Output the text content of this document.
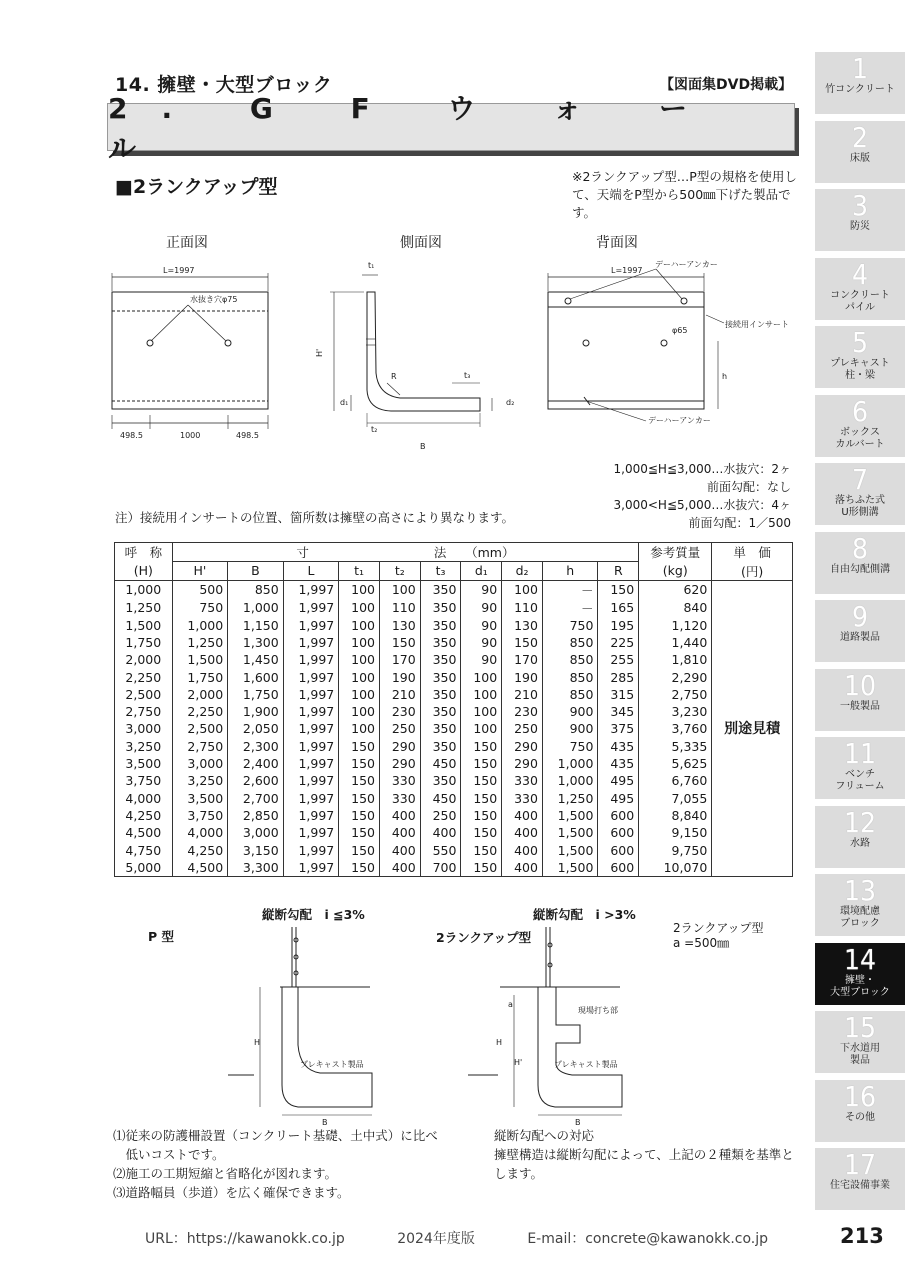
14. 擁壁・大型ブロック	【図面集DVD掲載】
2. G F ウ ォ ー ル
■2ランクアップ型	※2ランクアップ型…P型の規格を使用して、天端をP型から500㎜下げた製品です。
正面図	側面図	背面図
L=1997
水抜き穴φ75
498.5	1000	498.5
t₁
H'
R	t₃
d₁	d₂
t₂
B
L=1997
デーハーアンカー
φ65
接続用インサート
h
デーハーアンカー
1,000≦H≦3,000…水抜穴：2ヶ
前面勾配：なし
3,000<H≦5,000…水抜穴：4ヶ
前面勾配：1／500
注）接続用インサートの位置、箇所数は擁壁の高さにより異なります。
呼　称	寸　　　　　　　　　　法　　（mm）										参考質量	単　価
(H)	H'	B	L	t₁	t₂	t₃	d₁	d₂	h	R	(kg)	(円)
1,000	500	850	1,997	100	100	350	90	100	－	150	620	別途見積
1,250	750	1,000	1,997	100	110	350	90	110	－	165	840	
1,500	1,000	1,150	1,997	100	130	350	90	130	750	195	1,120	
1,750	1,250	1,300	1,997	100	150	350	90	150	850	225	1,440	
2,000	1,500	1,450	1,997	100	170	350	90	170	850	255	1,810	
2,250	1,750	1,600	1,997	100	190	350	100	190	850	285	2,290	
2,500	2,000	1,750	1,997	100	210	350	100	210	850	315	2,750	
2,750	2,250	1,900	1,997	100	230	350	100	230	900	345	3,230	
3,000	2,500	2,050	1,997	100	250	350	100	250	900	375	3,760	
3,250	2,750	2,300	1,997	150	290	350	150	290	750	435	5,335	
3,500	3,000	2,400	1,997	150	290	450	150	290	1,000	435	5,625	
3,750	3,250	2,600	1,997	150	330	350	150	330	1,000	495	6,760	
4,000	3,500	2,700	1,997	150	330	450	150	330	1,250	495	7,055	
4,250	3,750	2,850	1,997	150	400	250	150	400	1,500	600	8,840	
4,500	4,000	3,000	1,997	150	400	400	150	400	1,500	600	9,150	
4,750	4,250	3,150	1,997	150	400	550	150	400	1,500	600	9,750	
5,000	4,500	3,300	1,997	150	400	700	150	400	1,500	600	10,070	
縦断勾配　i ≦3%	縦断勾配　i >3%
P 型	2ランクアップ型
2ランクアップ型
a =500㎜
H
プレキャスト製品
B
現場打ち部
a
H
H'	プレキャスト製品
B
⑴従来の防護柵設置（コンクリート基礎、土中式）に比べ
　低いコストです。
⑵施工の工期短縮と省略化が図れます。
⑶道路幅員（歩道）を広く確保できます。
縦断勾配への対応
擁壁構造は縦断勾配によって、上記の２種類を基準とします。
URL：https://kawanokk.co.jp	2024年度版	E-mail：concrete@kawanokk.co.jp	213
1
竹コンクリート
2
床版
3
防災
4
コンクリート
パイル
5
プレキャスト
柱・梁
6
ボックス
カルバート
7
落ちふた式
U形側溝
8
自由勾配側溝
9
道路製品
10
一般製品
11
ベンチ
フリューム
12
水路
13
環境配慮
ブロック
14
擁壁・
大型ブロック
15
下水道用
製品
16
その他
17
住宅設備事業
